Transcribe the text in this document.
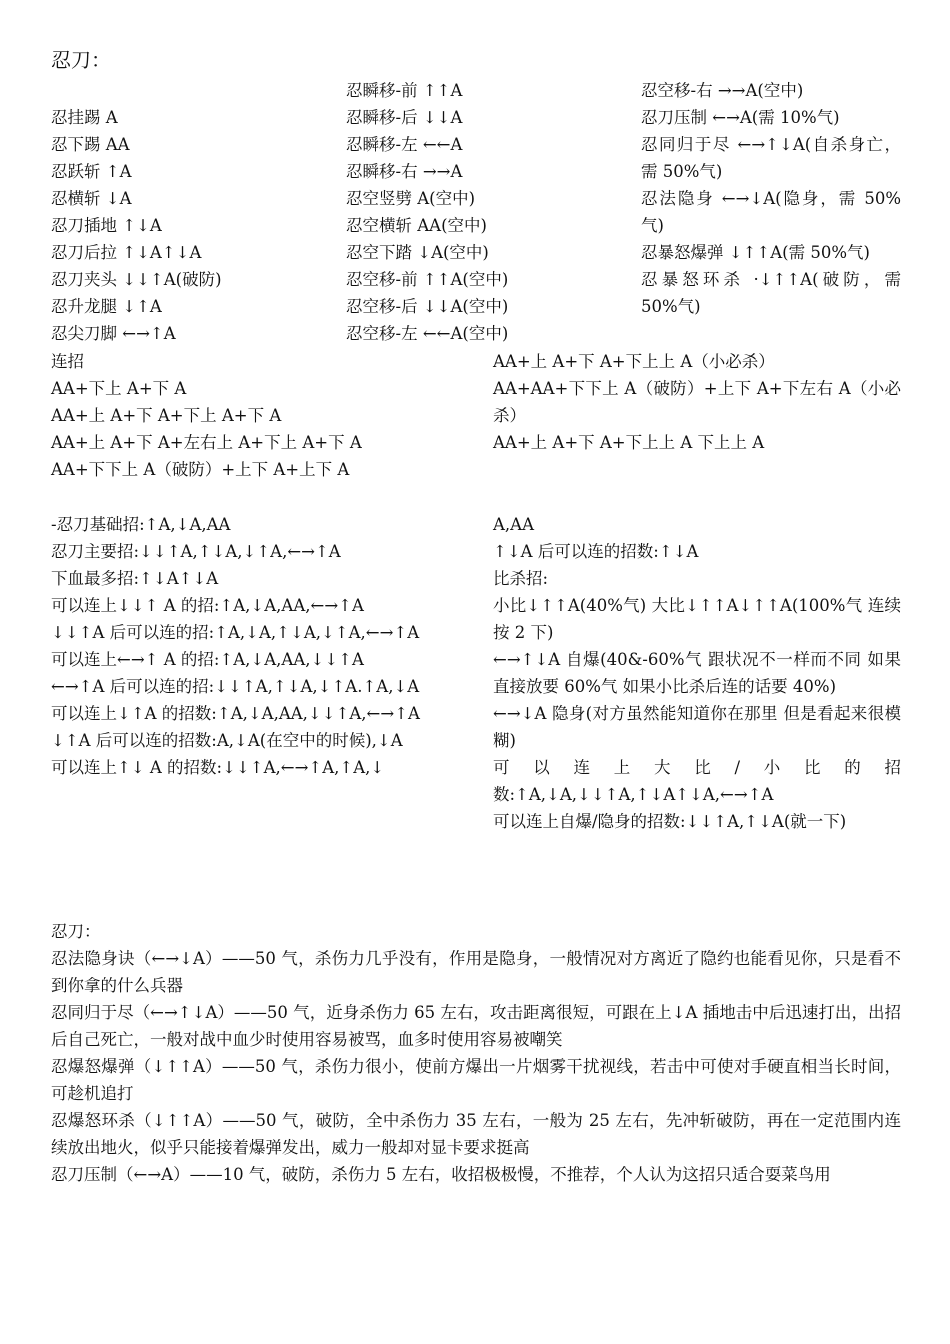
忍刀：
忍挂踢 A
忍下踢 AA
忍跃斩 ↑A
忍横斩 ↓A
忍刀插地 ↑↓A
忍刀后拉 ↑↓A↑↓A
忍刀夹头 ↓↓↑A(破防)
忍升龙腿 ↓↑A
忍尖刀脚 ←→↑A
忍瞬移-前 ↑↑A
忍瞬移-后 ↓↓A
忍瞬移-左 ←←A
忍瞬移-右 →→A
忍空竖劈 A(空中)
忍空横斩 AA(空中)
忍空下踏 ↓A(空中)
忍空移-前 ↑↑A(空中)
忍空移-后 ↓↓A(空中)
忍空移-左 ←←A(空中)
忍空移-右 →→A(空中)
忍刀压制 ←→A(需 10%气)
忍同归于尽 ←→↑↓A(自杀身亡，需 50%气)
忍法隐身 ←→↓A(隐身，需 50%气)
忍暴怒爆弹 ↓↑↑A(需 50%气)
忍暴怒环杀 ·↓↑↑A(破防，需 50%气)
连招
AA+下上 A+下 A
AA+上 A+下 A+下上 A+下 A
AA+上 A+下 A+左右上 A+下上 A+下 A
AA+下下上 A（破防）+上下 A+上下 A
AA+上 A+下 A+下上上 A（小必杀）
AA+AA+下下上 A（破防）+上下 A+下左右 A（小必杀）
AA+上 A+下 A+下上上 A 下上上 A
-忍刀基础招:↑A,↓A,AA
忍刀主要招:↓↓↑A,↑↓A,↓↑A,←→↑A
下血最多招:↑↓A↑↓A
可以连上↓↓↑ A 的招:↑A,↓A,AA,←→↑A
↓↓↑A 后可以连的招:↑A,↓A,↑↓A,↓↑A,←→↑A
可以连上←→↑ A 的招:↑A,↓A,AA,↓↓↑A
←→↑A 后可以连的招:↓↓↑A,↑↓A,↓↑A.↑A,↓A
可以连上↓↑A 的招数:↑A,↓A,AA,↓↓↑A,←→↑A
↓↑A 后可以连的招数:A,↓A(在空中的时候),↓A
可以连上↑↓ A 的招数:↓↓↑A,←→↑A,↑A,↓
A,AA
↑↓A 后可以连的招数:↑↓A
比杀招:
小比↓↑↑A(40%气) 大比↓↑↑A↓↑↑A(100%气 连续按 2 下)
←→↑↓A 自爆(40&-60%气 跟状况不一样而不同 如果直接放要 60%气 如果小比杀后连的话要 40%)
←→↓A 隐身(对方虽然能知道你在那里 但是看起来很模糊)
可以连上大比/小比的招数:↑A,↓A,↓↓↑A,↑↓A↑↓A,←→↑A
可以连上自爆/隐身的招数:↓↓↑A,↑↓A(就一下)
忍刀：
忍法隐身诀（←→↓A）——50 气，杀伤力几乎没有，作用是隐身，一般情况对方离近了隐约也能看见你，只是看不到你拿的什么兵器
忍同归于尽（←→↑↓A）——50 气，近身杀伤力 65 左右，攻击距离很短，可跟在上↓A 插地击中后迅速打出，出招后自己死亡，一般对战中血少时使用容易被骂，血多时使用容易被嘲笑
忍爆怒爆弹（↓↑↑A）——50 气，杀伤力很小，使前方爆出一片烟雾干扰视线，若击中可使对手硬直相当长时间，可趁机追打
忍爆怒环杀（↓↑↑A）——50 气，破防，全中杀伤力 35 左右，一般为 25 左右，先冲斩破防，再在一定范围内连续放出地火，似乎只能接着爆弹发出，威力一般却对显卡要求挺高
忍刀压制（←→A）——10 气，破防，杀伤力 5 左右，收招极极慢，不推荐，个人认为这招只适合耍菜鸟用
